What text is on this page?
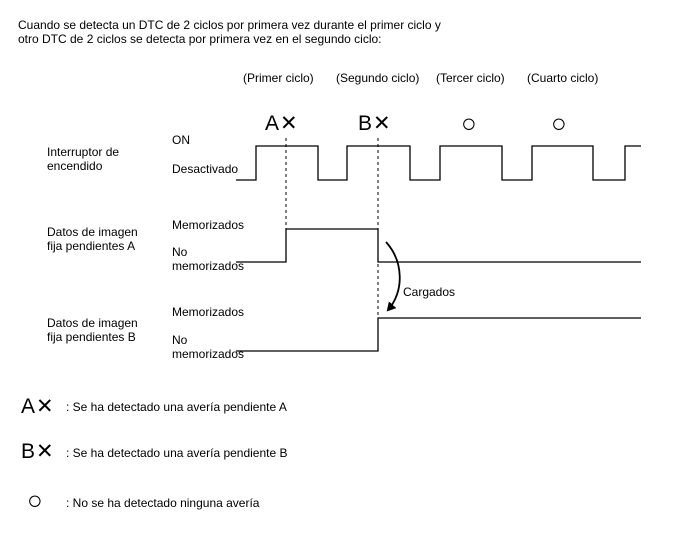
Cuando se detecta un DTC de 2 ciclos por primera vez durante el primer ciclo y
otro DTC de 2 ciclos se detecta por primera vez en el segundo ciclo:
(Primer ciclo) (Segundo ciclo) (Tercer ciclo) (Cuarto ciclo)
A✕	B✕	○	○
Interruptor de
encendido
ON
Desactivado
Datos de imagen
fija pendientes A
Memorizados
No
memorizados
Datos de imagen
fija pendientes B
Memorizados
No
memorizados
Cargados
A✕ : Se ha detectado una avería pendiente A
B✕ : Se ha detectado una avería pendiente B
○ : No se ha detectado ninguna avería
